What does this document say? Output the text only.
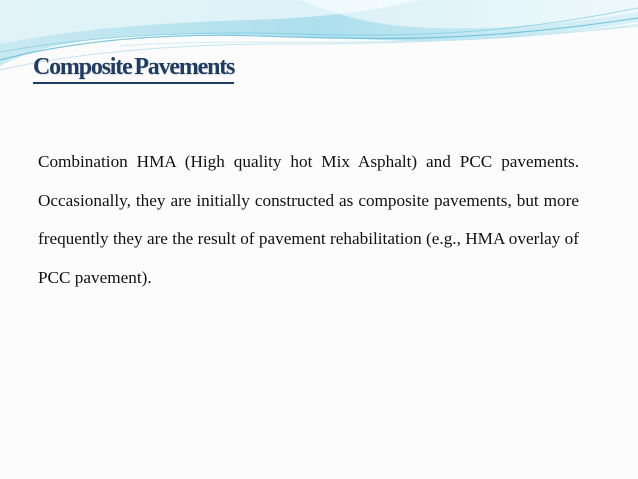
Composite Pavements

Combination HMA (High quality hot Mix Asphalt) and PCC pavements. Occasionally, they are initially constructed as composite pavements, but more frequently they are the result of pavement rehabilitation (e.g., HMA overlay of PCC pavement).
